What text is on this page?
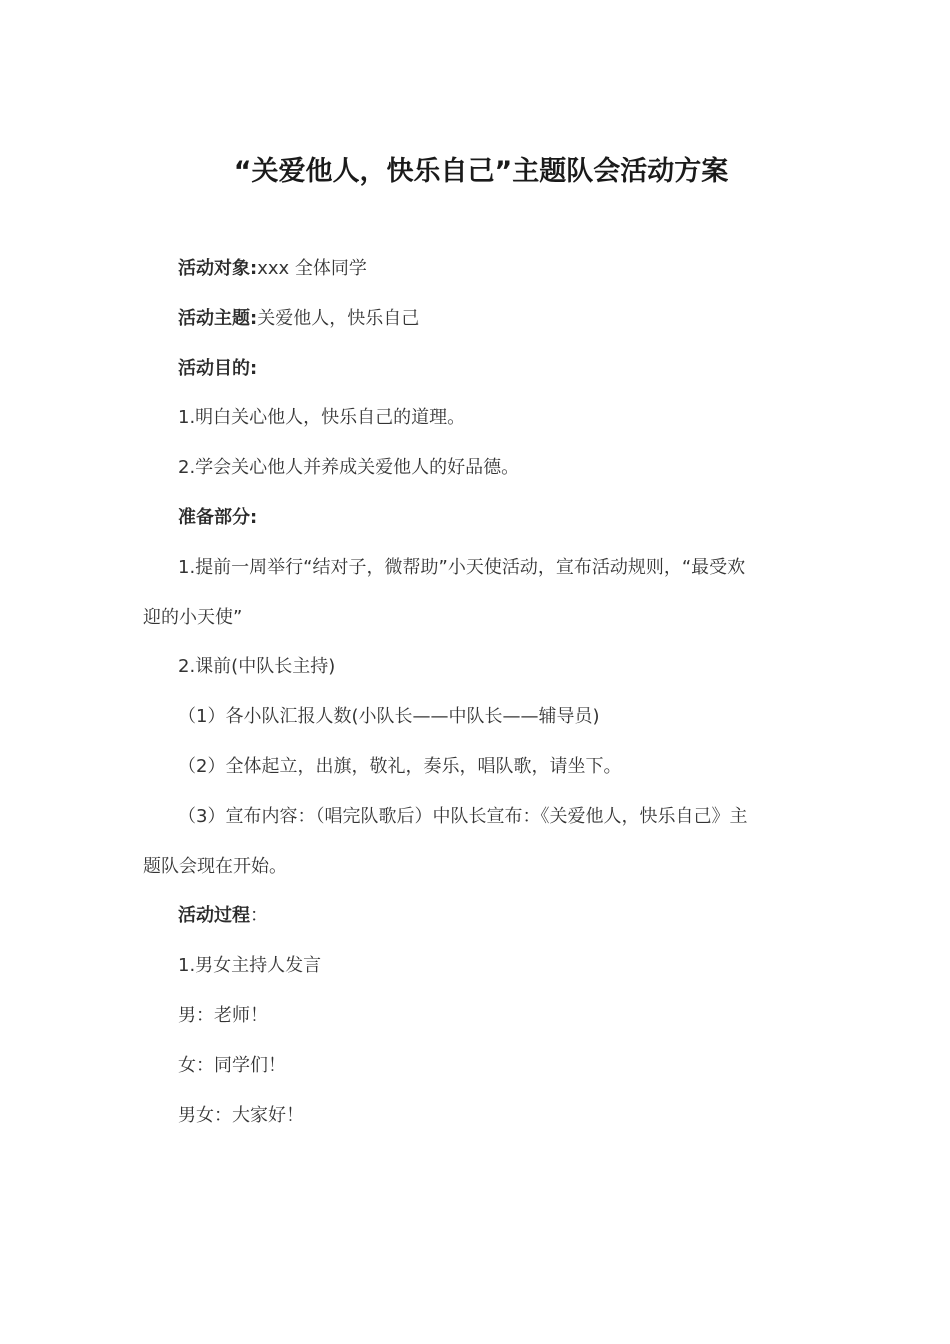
“关爱他人，快乐自己”主题队会活动方案
活动对象:xxx 全体同学
活动主题:关爱他人，快乐自己
活动目的:
1.明白关心他人，快乐自己的道理。
2.学会关心他人并养成关爱他人的好品德。
准备部分:
1.提前一周举行“结对子，微帮助”小天使活动，宣布活动规则，“最受欢
迎的小天使”
2.课前(中队长主持)
（1）各小队汇报人数(小队长——中队长——辅导员)
（2）全体起立，出旗，敬礼，奏乐，唱队歌，请坐下。
（3）宣布内容：（唱完队歌后）中队长宣布：《关爱他人，快乐自己》主
题队会现在开始。
活动过程：
1.男女主持人发言
男：老师！
女：同学们！
男女：大家好！
